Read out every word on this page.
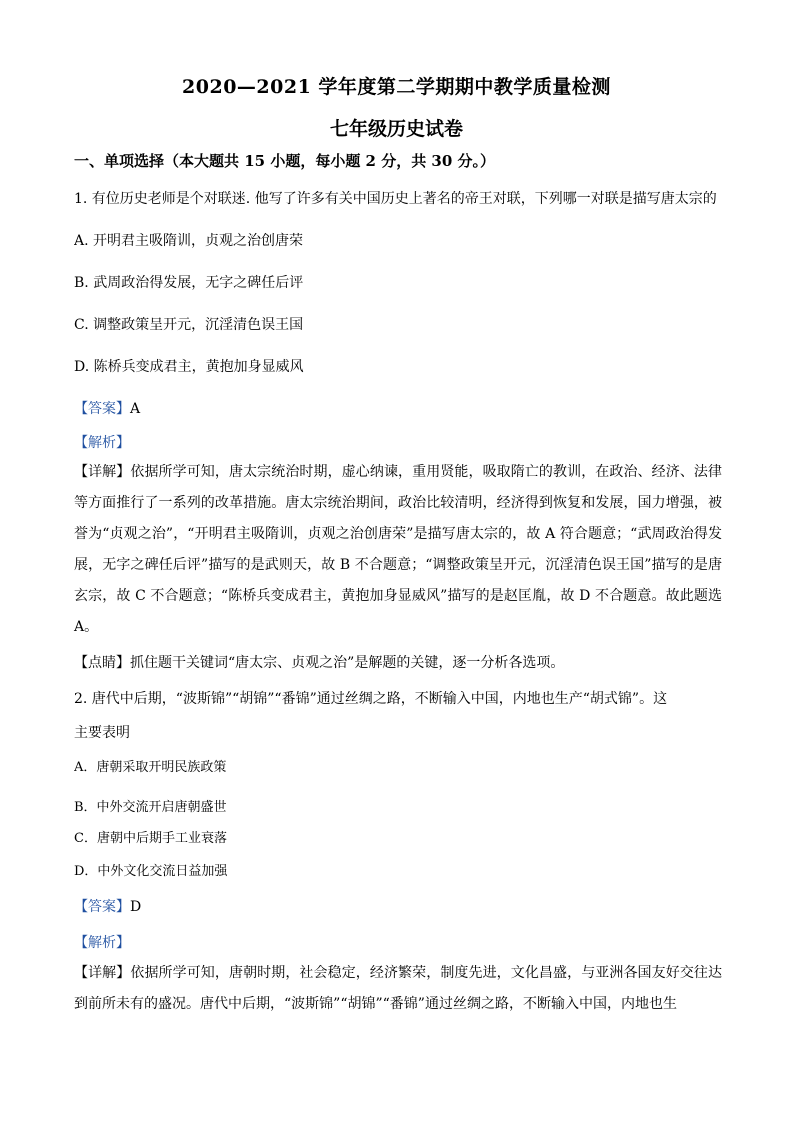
2020—2021 学年度第二学期期中教学质量检测
七年级历史试卷
一、单项选择（本大题共 15 小题，每小题 2 分，共 30 分。）
1. 有位历史老师是个对联迷. 他写了许多有关中国历史上著名的帝王对联，下列哪一对联是描写唐太宗的
A. 开明君主吸隋训，贞观之治创唐荣
B. 武周政治得发展，无字之碑任后评
C. 调整政策呈开元，沉淫清色误王国
D. 陈桥兵变成君主，黄抱加身显威风
【答案】A
【解析】
【详解】依据所学可知，唐太宗统治时期，虚心纳谏，重用贤能，吸取隋亡的教训，在政治、经济、法律等方面推行了一系列的改革措施。唐太宗统治期间，政治比较清明，经济得到恢复和发展，国力增强，被誉为“贞观之治”，“开明君主吸隋训，贞观之治创唐荣”是描写唐太宗的，故 A 符合题意；“武周政治得发展，无字之碑任后评”描写的是武则天，故 B 不合题意；“调整政策呈开元，沉淫清色误王国”描写的是唐玄宗，故 C 不合题意；“陈桥兵变成君主，黄抱加身显威风”描写的是赵匡胤，故 D 不合题意。故此题选 A。
【点睛】抓住题干关键词“唐太宗、贞观之治”是解题的关键，逐一分析各选项。
2. 唐代中后期，“波斯锦”“胡锦”“番锦”通过丝绸之路，不断输入中国，内地也生产“胡式锦”。这
主要表明
A．唐朝采取开明民族政策
B．中外交流开启唐朝盛世
C．唐朝中后期手工业衰落
D．中外文化交流日益加强
【答案】D
【解析】
【详解】依据所学可知，唐朝时期，社会稳定，经济繁荣，制度先进，文化昌盛，与亚洲各国友好交往达到前所未有的盛况。唐代中后期，“波斯锦”“胡锦”“番锦”通过丝绸之路，不断输入中国，内地也生
